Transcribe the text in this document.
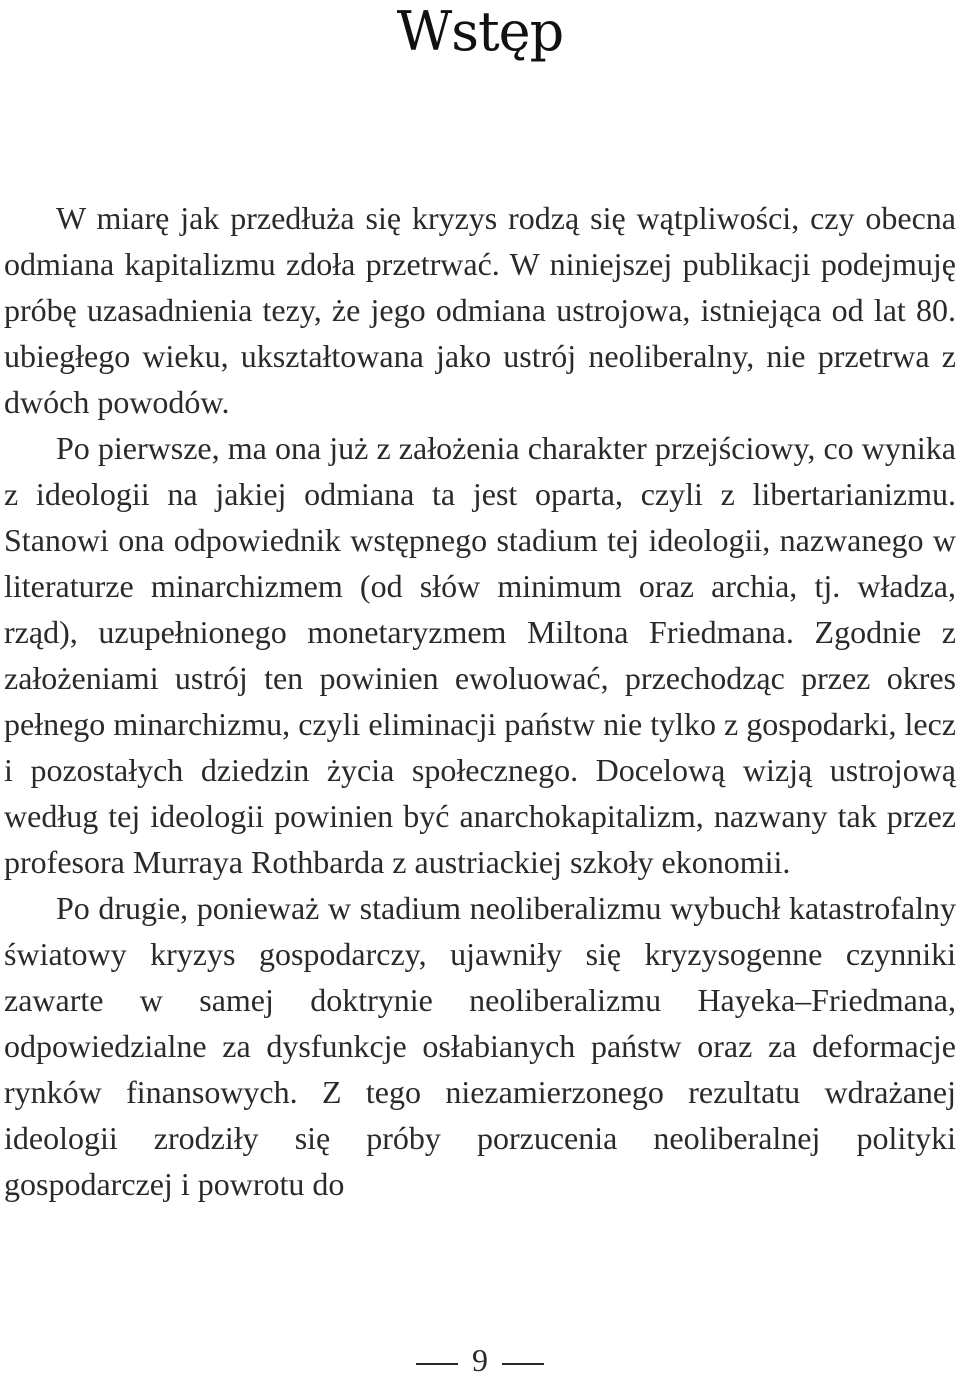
Wstęp

W miarę jak przedłuża się kryzys rodzą się wątpliwości, czy obecna odmiana kapitalizmu zdoła przetrwać. W niniejszej publikacji podejmuję próbę uzasadnienia tezy, że jego odmiana ustrojowa, istniejąca od lat 80. ubiegłego wieku, ukształtowana jako ustrój neoliberalny, nie przetrwa z dwóch powodów.

Po pierwsze, ma ona już z założenia charakter przejściowy, co wynika z ideologii na jakiej odmiana ta jest oparta, czyli z libertarianizmu. Stanowi ona odpowiednik wstępnego stadium tej ideologii, nazwanego w literaturze minarchizmem (od słów minimum oraz archia, tj. władza, rząd), uzupełnionego monetaryzmem Miltona Friedmana. Zgodnie z założeniami ustrój ten powinien ewoluować, przechodząc przez okres pełnego minarchizmu, czyli eliminacji państw nie tylko z gospodarki, lecz i pozostałych dziedzin życia społecznego. Docelową wizją ustrojową według tej ideologii powinien być anarchokapitalizm, nazwany tak przez profesora Murraya Rothbarda z austriackiej szkoły ekonomii.

Po drugie, ponieważ w stadium neoliberalizmu wybuchł katastrofalny światowy kryzys gospodarczy, ujawniły się kryzysogenne czynniki zawarte w samej doktrynie neoliberalizmu Hayeka–Friedmana, odpowiedzialne za dysfunkcje osłabianych państw oraz za deformacje rynków finansowych. Z tego niezamierzonego rezultatu wdrażanej ideologii zrodziły się próby porzucenia neoliberalnej polityki gospodarczej i powrotu do

9
